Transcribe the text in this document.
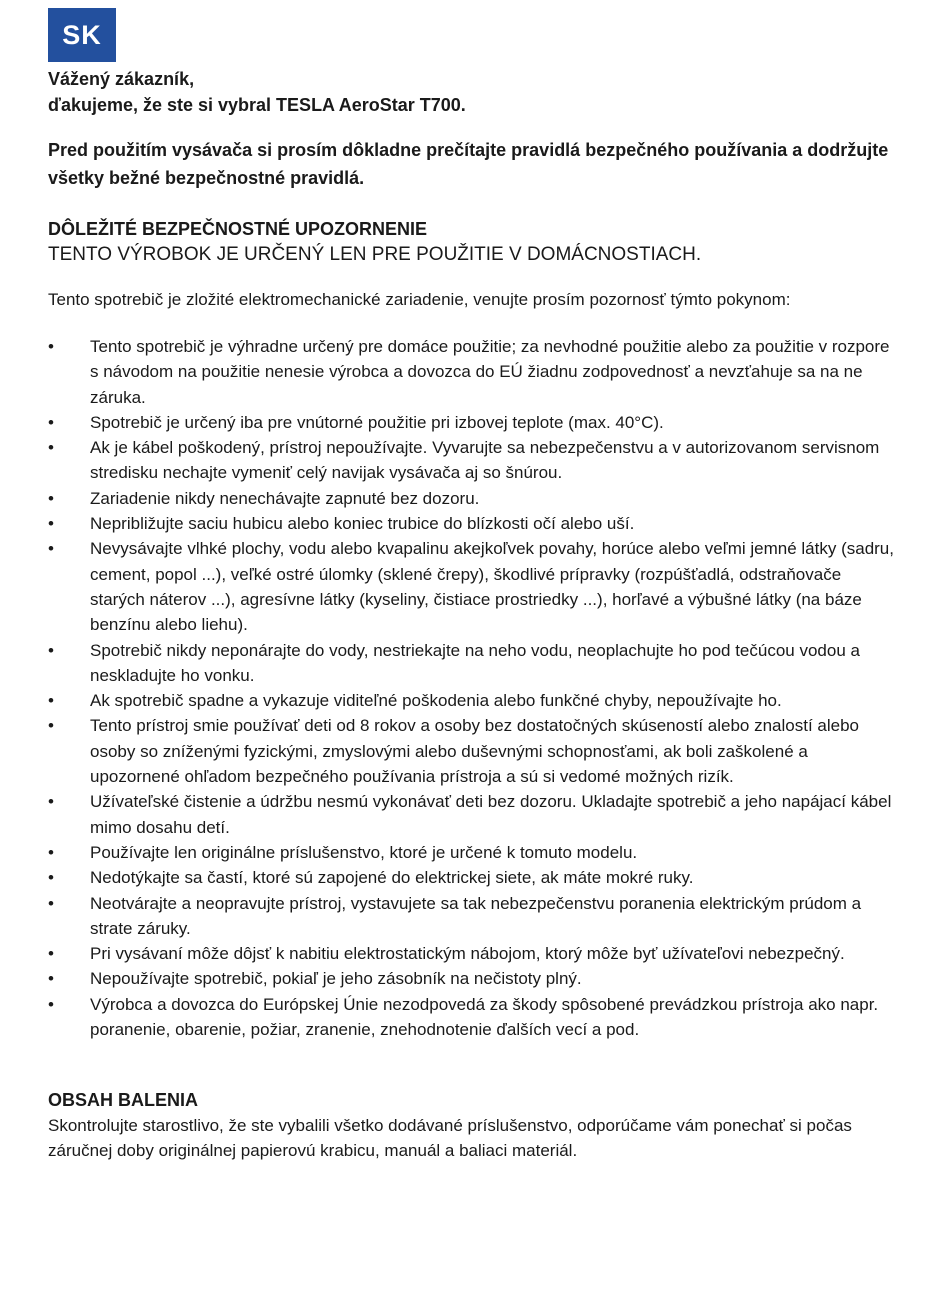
SK
Vážený zákazník,
ďakujeme, že ste si vybral TESLA AeroStar T700.
Pred použitím vysávača si prosím dôkladne prečítajte pravidlá bezpečného používania a dodržujte všetky bežné bezpečnostné pravidlá.
DÔLEŽITÉ BEZPEČNOSTNÉ UPOZORNENIE
TENTO VÝROBOK JE URČENÝ LEN PRE POUŽITIE V DOMÁCNOSTIACH.
Tento spotrebič je zložité elektromechanické zariadenie, venujte prosím pozornosť týmto pokynom:
• Tento spotrebič je výhradne určený pre domáce použitie; za nevhodné použitie alebo za použitie v rozpore s návodom na použitie nenesie výrobca a dovozca do EÚ žiadnu zodpovednosť a nevzťahuje sa na ne záruka.
• Spotrebič je určený iba pre vnútorné použitie pri izbovej teplote (max. 40°C).
• Ak je kábel poškodený, prístroj nepoužívajte. Vyvarujte sa nebezpečenstvu a v autorizovanom servisnom stredisku nechajte vymeniť celý navijak vysávača aj so šnúrou.
• Zariadenie nikdy nenechávajte zapnuté bez dozoru.
• Nepribližujte saciu hubicu alebo koniec trubice do blízkosti očí alebo uší.
• Nevysávajte vlhké plochy, vodu alebo kvapalinu akejkoľvek povahy, horúce alebo veľmi jemné látky (sadru, cement, popol ...), veľké ostré úlomky (sklené črepy), škodlivé prípravky (rozpúšťadlá, odstraňovače starých náterov ...), agresívne látky (kyseliny, čistiace prostriedky ...), horľavé a výbušné látky (na báze benzínu alebo liehu).
• Spotrebič nikdy neponárajte do vody, nestriekajte na neho vodu, neoplachujte ho pod tečúcou vodou a neskladujte ho vonku.
• Ak spotrebič spadne a vykazuje viditeľné poškodenia alebo funkčné chyby, nepoužívajte ho.
• Tento prístroj smie používať deti od 8 rokov a osoby bez dostatočných skúseností alebo znalostí alebo osoby so zníženými fyzickými, zmyslovými alebo duševnými schopnosťami, ak boli zaškolené a upozornené ohľadom bezpečného používania prístroja a sú si vedomé možných rizík.
• Užívateľské čistenie a údržbu nesmú vykonávať deti bez dozoru. Ukladajte spotrebič a jeho napájací kábel mimo dosahu detí.
• Používajte len originálne príslušenstvo, ktoré je určené k tomuto modelu.
• Nedotýkajte sa častí, ktoré sú zapojené do elektrickej siete, ak máte mokré ruky.
• Neotvárajte a neopravujte prístroj, vystavujete sa tak nebezpečenstvu poranenia elektrickým prúdom a strate záruky.
• Pri vysávaní môže dôjsť k nabitiu elektrostatickým nábojom, ktorý môže byť užívateľovi nebezpečný.
• Nepoužívajte spotrebič, pokiaľ je jeho zásobník na nečistoty plný.
• Výrobca a dovozca do Európskej Únie nezodpovedá za škody spôsobené prevádzkou prístroja ako napr. poranenie, obarenie, požiar, zranenie, znehodnotenie ďalších vecí a pod.
OBSAH BALENIA
Skontrolujte starostlivo, že ste vybalili všetko dodávané príslušenstvo, odporúčame vám ponechať si počas záručnej doby originálnej papierovú krabicu, manuál a baliaci materiál.
